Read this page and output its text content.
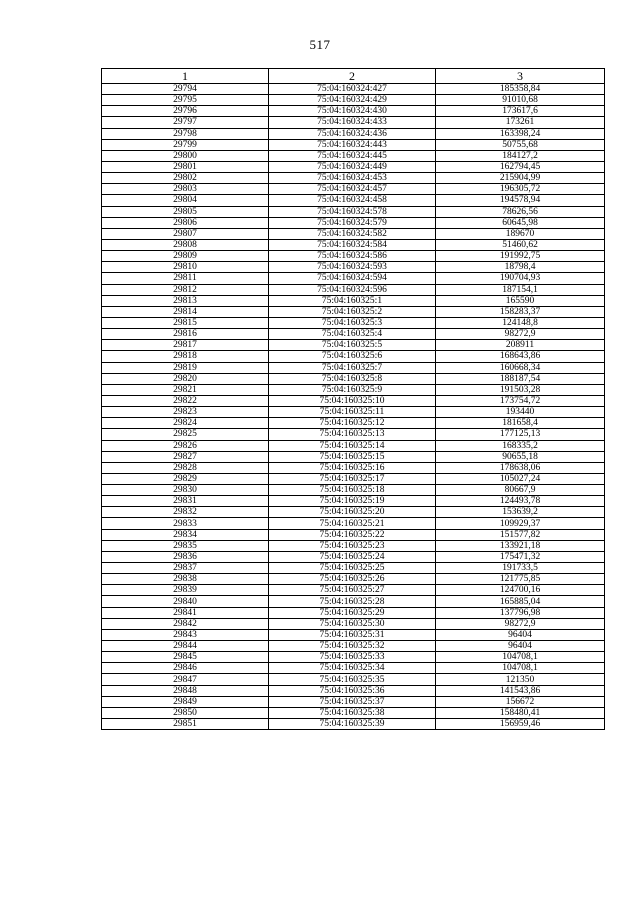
517
1	2	3
29794	75:04:160324:427	185358,84
29795	75:04:160324:429	91010,68
29796	75:04:160324:430	173617,6
29797	75:04:160324:433	173261
29798	75:04:160324:436	163398,24
29799	75:04:160324:443	50755,68
29800	75:04:160324:445	184127,2
29801	75:04:160324:449	162794,45
29802	75:04:160324:453	215904,99
29803	75:04:160324:457	196305,72
29804	75:04:160324:458	194578,94
29805	75:04:160324:578	78626,56
29806	75:04:160324:579	60645,98
29807	75:04:160324:582	189670
29808	75:04:160324:584	51460,62
29809	75:04:160324:586	191992,75
29810	75:04:160324:593	18798,4
29811	75:04:160324:594	190704,93
29812	75:04:160324:596	187154,1
29813	75:04:160325:1	165590
29814	75:04:160325:2	158283,37
29815	75:04:160325:3	124148,8
29816	75:04:160325:4	98272,9
29817	75:04:160325:5	208911
29818	75:04:160325:6	168643,86
29819	75:04:160325:7	160668,34
29820	75:04:160325:8	188187,54
29821	75:04:160325:9	191503,28
29822	75:04:160325:10	173754,72
29823	75:04:160325:11	193440
29824	75:04:160325:12	181658,4
29825	75:04:160325:13	177125,13
29826	75:04:160325:14	168335,2
29827	75:04:160325:15	90655,18
29828	75:04:160325:16	178638,06
29829	75:04:160325:17	105027,24
29830	75:04:160325:18	80667,9
29831	75:04:160325:19	124493,78
29832	75:04:160325:20	153639,2
29833	75:04:160325:21	109929,37
29834	75:04:160325:22	151577,82
29835	75:04:160325:23	133921,18
29836	75:04:160325:24	175471,32
29837	75:04:160325:25	191733,5
29838	75:04:160325:26	121775,85
29839	75:04:160325:27	124700,16
29840	75:04:160325:28	165885,04
29841	75:04:160325:29	137796,98
29842	75:04:160325:30	98272,9
29843	75:04:160325:31	96404
29844	75:04:160325:32	96404
29845	75:04:160325:33	104708,1
29846	75:04:160325:34	104708,1
29847	75:04:160325:35	121350
29848	75:04:160325:36	141543,86
29849	75:04:160325:37	156672
29850	75:04:160325:38	158480,41
29851	75:04:160325:39	156959,46
